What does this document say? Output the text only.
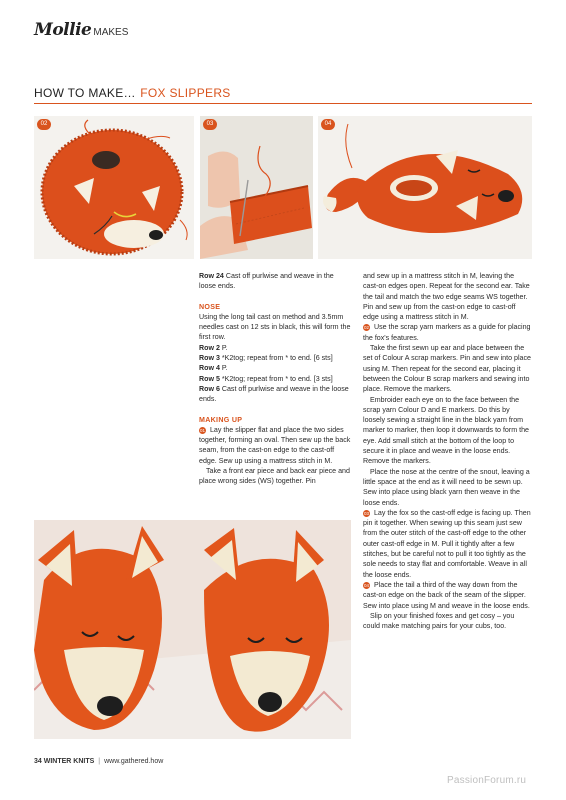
Mollie MAKES
HOW TO MAKE… FOX SLIPPERS
02	03	04

Row 24 Cast off purlwise and weave in the loose ends.

NOSE

Using the long tail cast on method and 3.5mm needles cast on 12 sts in black, this will form the first row.

Row 2 P.

Row 3 *K2tog; repeat from * to end. [6 sts]

Row 4 P.

Row 5 *K2tog; repeat from * to end. [3 sts]

Row 6 Cast off purlwise and weave in the loose ends.

MAKING UP

01 Lay the slipper flat and place the two sides together, forming an oval. Then sew up the back seam, from the cast-on edge to the cast-off edge. Sew up using a mattress stitch in M.

Take a front ear piece and back ear piece and place wrong sides (WS) together. Pin

and sew up in a mattress stitch in M, leaving the cast-on edges open. Repeat for the second ear. Take the tail and match the two edge seams WS together. Pin and sew up from the cast-on edge to cast-off edge using a mattress stitch in M.

02 Use the scrap yarn markers as a guide for placing the fox's features.

Take the first sewn up ear and place between the set of Colour A scrap markers. Pin and sew into place using M. Then repeat for the second ear, placing it between the Colour B scrap markers and sewing into place. Remove the markers.

Embroider each eye on to the face between the scrap yarn Colour D and E markers. Do this by loosely sewing a straight line in the black yarn from marker to marker, then loop it downwards to form the eye. Add small stitch at the bottom of the loop to secure it in place and weave in the loose ends. Remove the markers.

Place the nose at the centre of the snout, leaving a little space at the end as it will need to be sewn up. Sew into place using black yarn then weave in the loose ends.

03 Lay the fox so the cast-off edge is facing up. Then pin it together. When sewing up this seam just sew from the outer stitch of the cast-off edge to the other outer cast-off edge in M. Pull it tightly after a few stitches, but be careful not to pull it too tightly as the sole needs to stay flat and comfortable. Weave in all the loose ends.

04 Place the tail a third of the way down from the cast-on edge on the back of the seam of the slipper. Sew into place using M and weave in the loose ends.

Slip on your finished foxes and get cosy – you could make matching pairs for your cubs, too.

34 WINTER KNITS | www.gathered.how
PassionForum.ru
